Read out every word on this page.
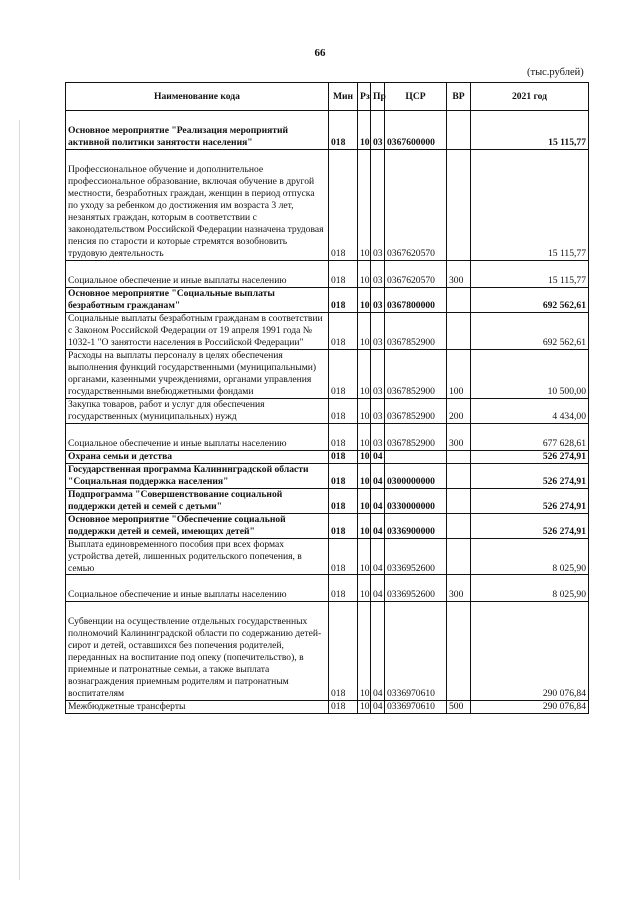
66
(тыс.рублей)
Наименование кода	Мин	Рз	Пр	ЦСР	ВР	2021 год
Основное мероприятие "Реализация мероприятий активной политики занятости населения"	018	10	03	0367600000		15 115,77
Профессиональное обучение и дополнительное профессиональное образование, включая обучение в другой местности, безработных граждан, женщин в период отпуска по уходу за ребенком до достижения им возраста 3 лет, незанятых граждан, которым в соответствии с законодательством Российской Федерации назначена трудовая пенсия по старости и которые стремятся возобновить трудовую деятельность	018	10	03	0367620570		15 115,77
Социальное обеспечение и иные выплаты населению	018	10	03	0367620570	300	15 115,77
Основное мероприятие "Социальные выплаты безработным гражданам"	018	10	03	0367800000		692 562,61
Социальные выплаты безработным гражданам в соответствии с Законом Российской Федерации от 19 апреля 1991 года № 1032-1 "О занятости населения в Российской Федерации"	018	10	03	0367852900		692 562,61
Расходы на выплаты персоналу в целях обеспечения выполнения функций государственными (муниципальными) органами, казенными учреждениями, органами управления государственными внебюджетными фондами	018	10	03	0367852900	100	10 500,00
Закупка товаров, работ и услуг для обеспечения государственных (муниципальных) нужд	018	10	03	0367852900	200	4 434,00
Социальное обеспечение и иные выплаты населению	018	10	03	0367852900	300	677 628,61
Охрана семьи и детства	018	10	04			526 274,91
Государственная программа Калининградской области "Социальная поддержка населения"	018	10	04	0300000000		526 274,91
Подпрограмма "Совершенствование социальной поддержки детей и семей с детьми"	018	10	04	0330000000		526 274,91
Основное мероприятие "Обеспечение социальной поддержки детей и семей, имеющих детей"	018	10	04	0336900000		526 274,91
Выплата единовременного пособия при всех формах устройства детей, лишенных родительского попечения, в семью	018	10	04	0336952600		8 025,90
Социальное обеспечение и иные выплаты населению	018	10	04	0336952600	300	8 025,90
Субвенции на осуществление отдельных государственных полномочий Калининградской области по содержанию детей-сирот и детей, оставшихся без попечения родителей, переданных на воспитание под опеку (попечительство), в приемные и патронатные семьи, а также выплата вознаграждения приемным родителям и патронатным воспитателям	018	10	04	0336970610		290 076,84
Межбюджетные трансферты	018	10	04	0336970610	500	290 076,84
